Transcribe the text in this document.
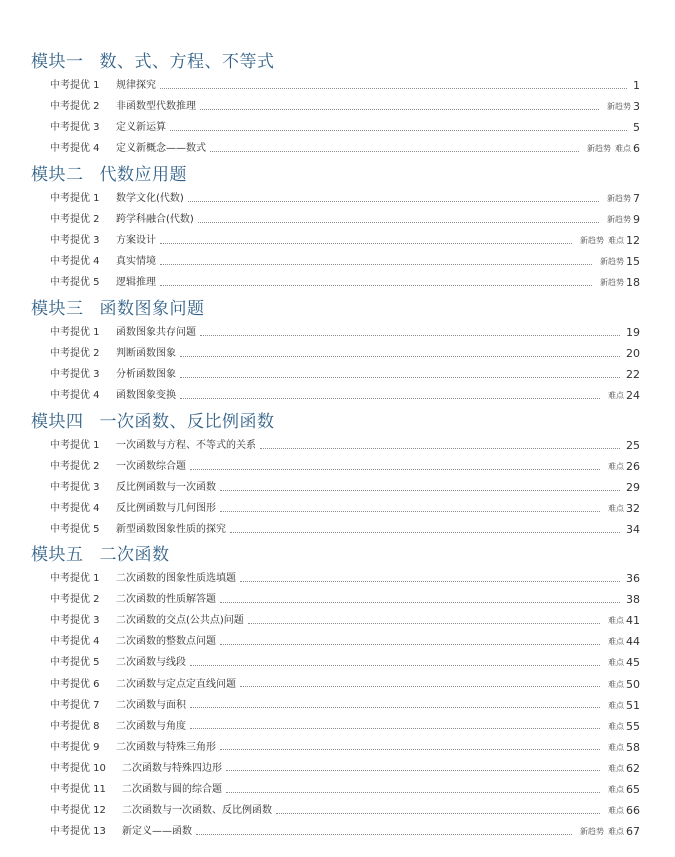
模块一 数、式、方程、不等式
中考提优 1	规律探究	1
中考提优 2	非函数型代数推理	新趋势 3
中考提优 3	定义新运算	5
中考提优 4	定义新概念——数式	新趋势 难点 6
模块二 代数应用题
中考提优 1	数学文化(代数)	新趋势 7
中考提优 2	跨学科融合(代数)	新趋势 9
中考提优 3	方案设计	新趋势 难点 12
中考提优 4	真实情境	新趋势 15
中考提优 5	逻辑推理	新趋势 18
模块三 函数图象问题
中考提优 1	函数图象共存问题	19
中考提优 2	判断函数图象	20
中考提优 3	分析函数图象	22
中考提优 4	函数图象变换	难点 24
模块四 一次函数、反比例函数
中考提优 1	一次函数与方程、不等式的关系	25
中考提优 2	一次函数综合题	难点 26
中考提优 3	反比例函数与一次函数	29
中考提优 4	反比例函数与几何图形	难点 32
中考提优 5	新型函数图象性质的探究	34
模块五 二次函数
中考提优 1	二次函数的图象性质选填题	36
中考提优 2	二次函数的性质解答题	38
中考提优 3	二次函数的交点(公共点)问题	难点 41
中考提优 4	二次函数的整数点问题	难点 44
中考提优 5	二次函数与线段	难点 45
中考提优 6	二次函数与定点定直线问题	难点 50
中考提优 7	二次函数与面积	难点 51
中考提优 8	二次函数与角度	难点 55
中考提优 9	二次函数与特殊三角形	难点 58
中考提优 10	二次函数与特殊四边形	难点 62
中考提优 11	二次函数与圆的综合题	难点 65
中考提优 12	二次函数与一次函数、反比例函数	难点 66
中考提优 13	新定义——函数	新趋势 难点 67
